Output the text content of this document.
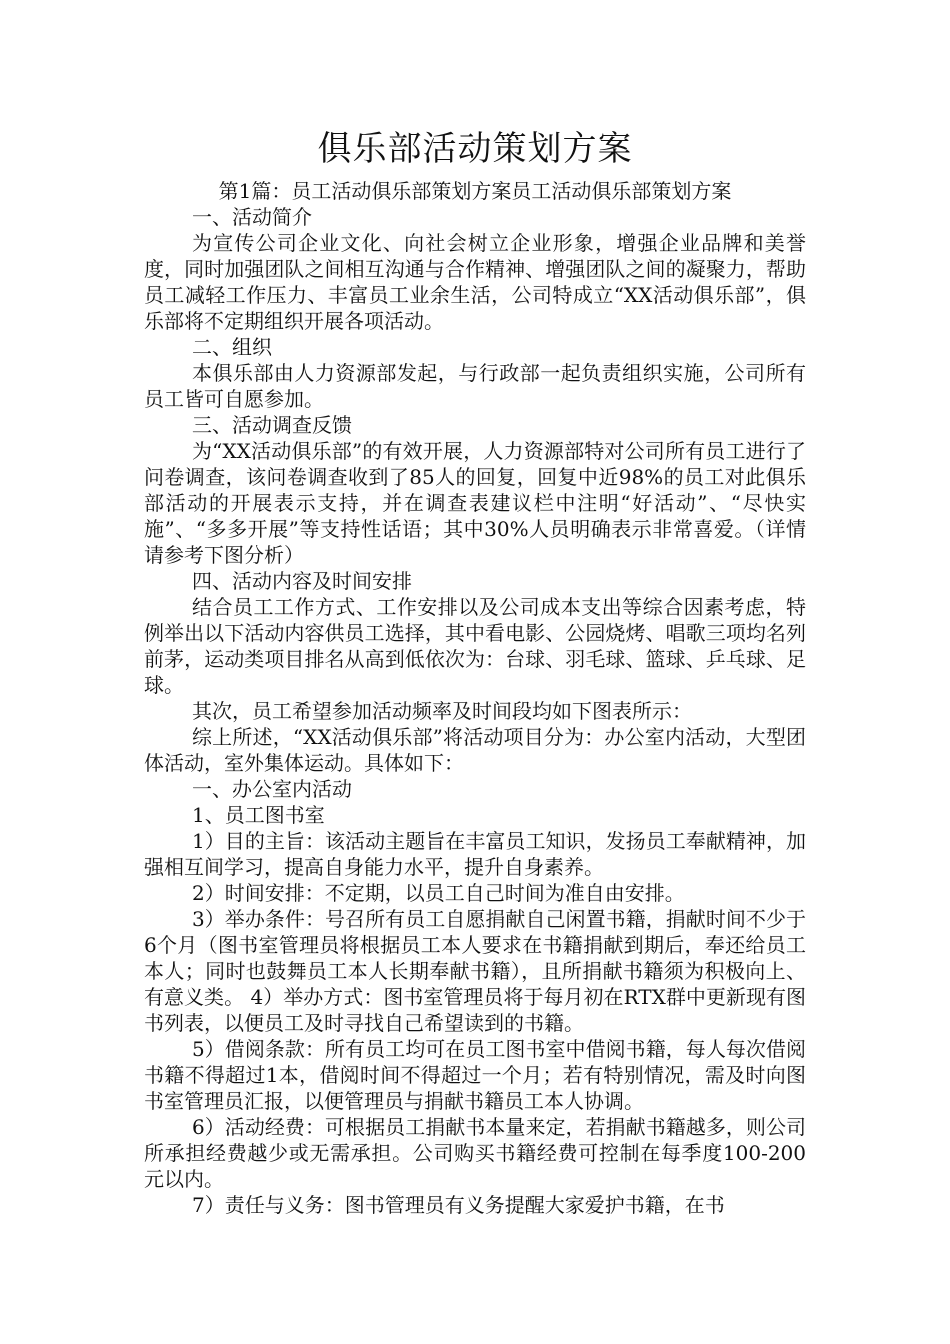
俱乐部活动策划方案

第1篇：员工活动俱乐部策划方案员工活动俱乐部策划方案

一、活动简介

为宣传公司企业文化、向社会树立企业形象，增强企业品牌和美誉度，同时加强团队之间相互沟通与合作精神、增强团队之间的凝聚力，帮助员工减轻工作压力、丰富员工业余生活，公司特成立“XX活动俱乐部”，俱乐部将不定期组织开展各项活动。

二、组织

本俱乐部由人力资源部发起，与行政部一起负责组织实施，公司所有员工皆可自愿参加。

三、活动调查反馈

为“XX活动俱乐部”的有效开展，人力资源部特对公司所有员工进行了问卷调查，该问卷调查收到了85人的回复，回复中近98%的员工对此俱乐部活动的开展表示支持，并在调查表建议栏中注明“好活动”、“尽快实施”、“多多开展”等支持性话语；其中30%人员明确表示非常喜爱。（详情请参考下图分析）

四、活动内容及时间安排

结合员工工作方式、工作安排以及公司成本支出等综合因素考虑，特例举出以下活动内容供员工选择，其中看电影、公园烧烤、唱歌三项均名列前茅，运动类项目排名从高到低依次为：台球、羽毛球、篮球、乒乓球、足球。

其次，员工希望参加活动频率及时间段均如下图表所示：

综上所述，“XX活动俱乐部”将活动项目分为：办公室内活动，大型团体活动，室外集体运动。具体如下：

一、办公室内活动

1、员工图书室

1）目的主旨：该活动主题旨在丰富员工知识，发扬员工奉献精神，加强相互间学习，提高自身能力水平，提升自身素养。

2）时间安排：不定期，以员工自己时间为准自由安排。

3）举办条件：号召所有员工自愿捐献自己闲置书籍，捐献时间不少于6个月（图书室管理员将根据员工本人要求在书籍捐献到期后，奉还给员工本人；同时也鼓舞员工本人长期奉献书籍），且所捐献书籍须为积极向上、有意义类。 4）举办方式：图书室管理员将于每月初在RTX群中更新现有图书列表，以便员工及时寻找自己希望读到的书籍。

5）借阅条款：所有员工均可在员工图书室中借阅书籍，每人每次借阅书籍不得超过1本，借阅时间不得超过一个月；若有特别情况，需及时向图书室管理员汇报，以便管理员与捐献书籍员工本人协调。

6）活动经费：可根据员工捐献书本量来定，若捐献书籍越多，则公司所承担经费越少或无需承担。公司购买书籍经费可控制在每季度100-200元以内。

7）责任与义务：图书管理员有义务提醒大家爱护书籍，在书
